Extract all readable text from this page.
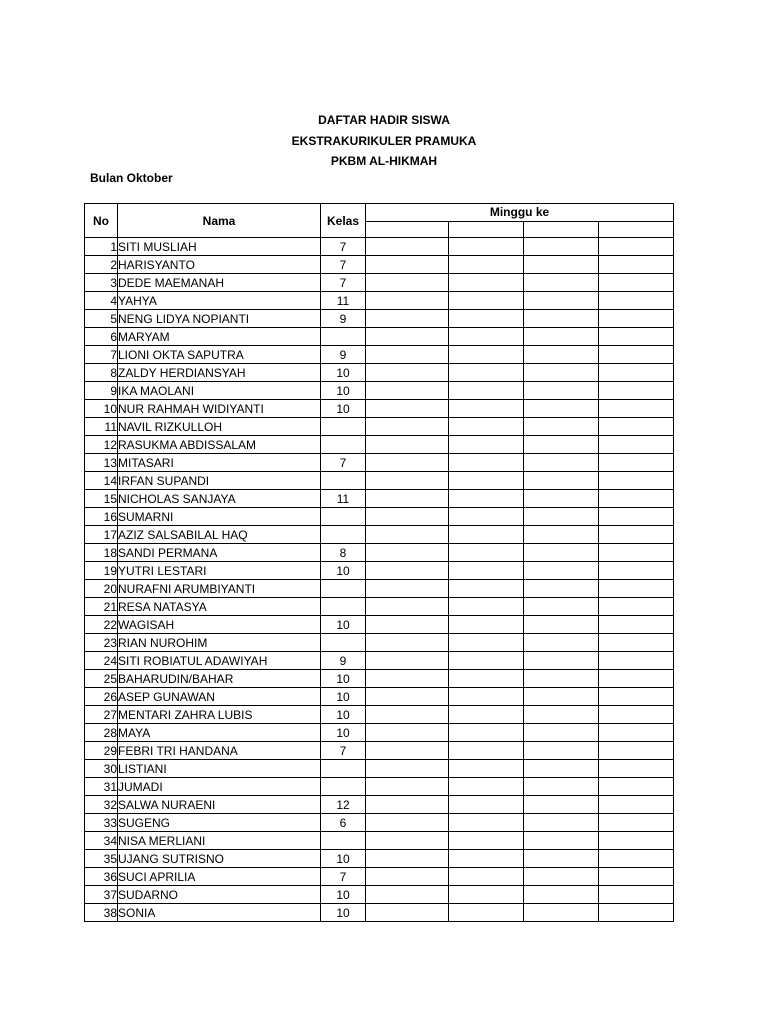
DAFTAR HADIR SISWA
EKSTRAKURIKULER PRAMUKA
PKBM AL-HIKMAH
Bulan Oktober
No	Nama	Kelas	Minggu ke			

1	SITI MUSLIAH	7				
2	HARISYANTO	7				
3	DEDE MAEMANAH	7				
4	YAHYA	11				
5	NENG LIDYA NOPIANTI	9				
6	MARYAM					
7	LIONI OKTA SAPUTRA	9				
8	ZALDY HERDIANSYAH	10				
9	IKA MAOLANI	10				
10	NUR RAHMAH WIDIYANTI	10				
11	NAVIL RIZKULLOH					
12	RASUKMA ABDISSALAM					
13	MITASARI	7				
14	IRFAN SUPANDI					
15	NICHOLAS SANJAYA	11				
16	SUMARNI					
17	AZIZ SALSABILAL HAQ					
18	SANDI PERMANA	8				
19	YUTRI LESTARI	10				
20	NURAFNI ARUMBIYANTI					
21	RESA NATASYA					
22	WAGISAH	10				
23	RIAN NUROHIM					
24	SITI ROBIATUL ADAWIYAH	9				
25	BAHARUDIN/BAHAR	10				
26	ASEP GUNAWAN	10				
27	MENTARI ZAHRA LUBIS	10				
28	MAYA	10				
29	FEBRI TRI HANDANA	7				
30	LISTIANI					
31	JUMADI					
32	SALWA NURAENI	12				
33	SUGENG	6				
34	NISA MERLIANI					
35	UJANG SUTRISNO	10				
36	SUCI APRILIA	7				
37	SUDARNO	10				
38	SONIA	10				
